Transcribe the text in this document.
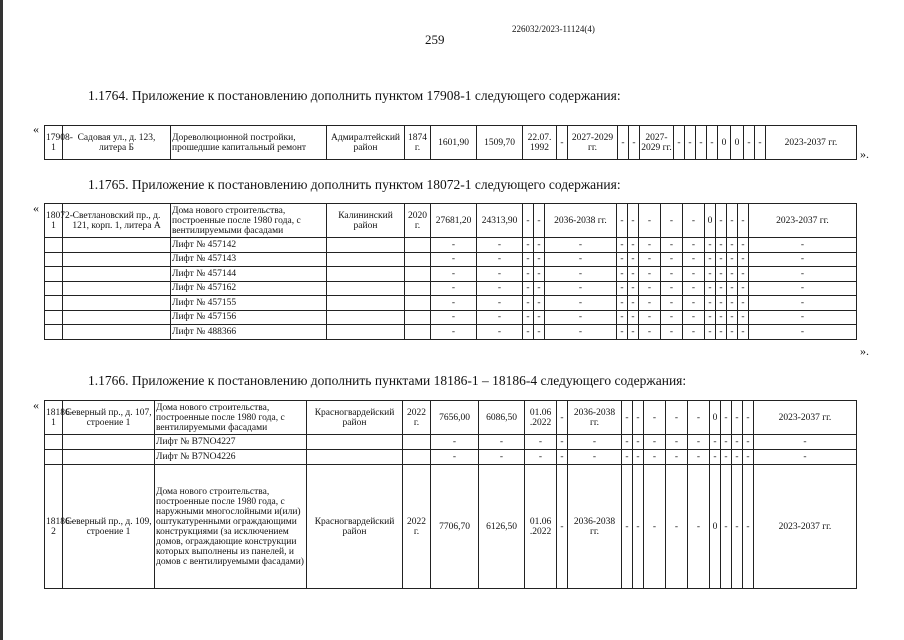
226032/2023-11124(4)
259
1.1764. Приложение к постановлению дополнить пунктом 17908-1 следующего содержания:
«
17908-1	Садовая ул., д. 123, литера Б	Дореволюционной постройки, прошедшие капитальный ремонт	Адмиралтейский район	1874 г.	1601,90	1509,70	22.07. 1992	-	2027-2029 гг.	-	-	2027-2029 гг.	-	-	-	-	0	0	-	-	2023-2037 гг.
».
1.1765. Приложение к постановлению дополнить пунктом 18072-1 следующего содержания:
«
18072-1	Светлановский пр., д. 121, корп. 1, литера А	Дома нового строительства, построенные после 1980 года, с вентилируемыми фасадами	Калининский район	2020 г.	27681,20	24313,90	-	-	2036-2038 гг.	-	-	-	-	-	0	-	-	-	2023-2037 гг.
		Лифт № 457142			-	-	-	-	-	-	-	-	-	-	-	-	-	-	-
		Лифт № 457143			-	-	-	-	-	-	-	-	-	-	-	-	-	-	-
		Лифт № 457144			-	-	-	-	-	-	-	-	-	-	-	-	-	-	-
		Лифт № 457162			-	-	-	-	-	-	-	-	-	-	-	-	-	-	-
		Лифт № 457155			-	-	-	-	-	-	-	-	-	-	-	-	-	-	-
		Лифт № 457156			-	-	-	-	-	-	-	-	-	-	-	-	-	-	-
		Лифт № 488366			-	-	-	-	-	-	-	-	-	-	-	-	-	-	-
».
1.1766. Приложение к постановлению дополнить пунктами 18186-1 – 18186-4 следующего содержания:
«
18186-1	Северный пр., д. 107, строение 1	Дома нового строительства, построенные после 1980 года, с вентилируемыми фасадами	Красногвардейский район	2022 г.	7656,00	6086,50	01.06 .2022	-	2036-2038 гг.	-	-	-	-	-	0	-	-	-	2023-2037 гг.
		Лифт № В7NO4227			-	-	-	-	-	-	-	-	-	-	-	-	-	-	-
		Лифт № В7NO4226			-	-	-	-	-	-	-	-	-	-	-	-	-	-	-
18186-2	Северный пр., д. 109, строение 1	Дома нового строительства, построенные после 1980 года, с наружными многослойными и(или) оштукатуренными ограждающими конструкциями (за исключением домов, ограждающие конструкции которых выполнены из панелей, и домов с вентилируемыми фасадами)	Красногвардейский район	2022 г.	7706,70	6126,50	01.06 .2022	-	2036-2038 гг.	-	-	-	-	-	0	-	-	-	2023-2037 гг.
